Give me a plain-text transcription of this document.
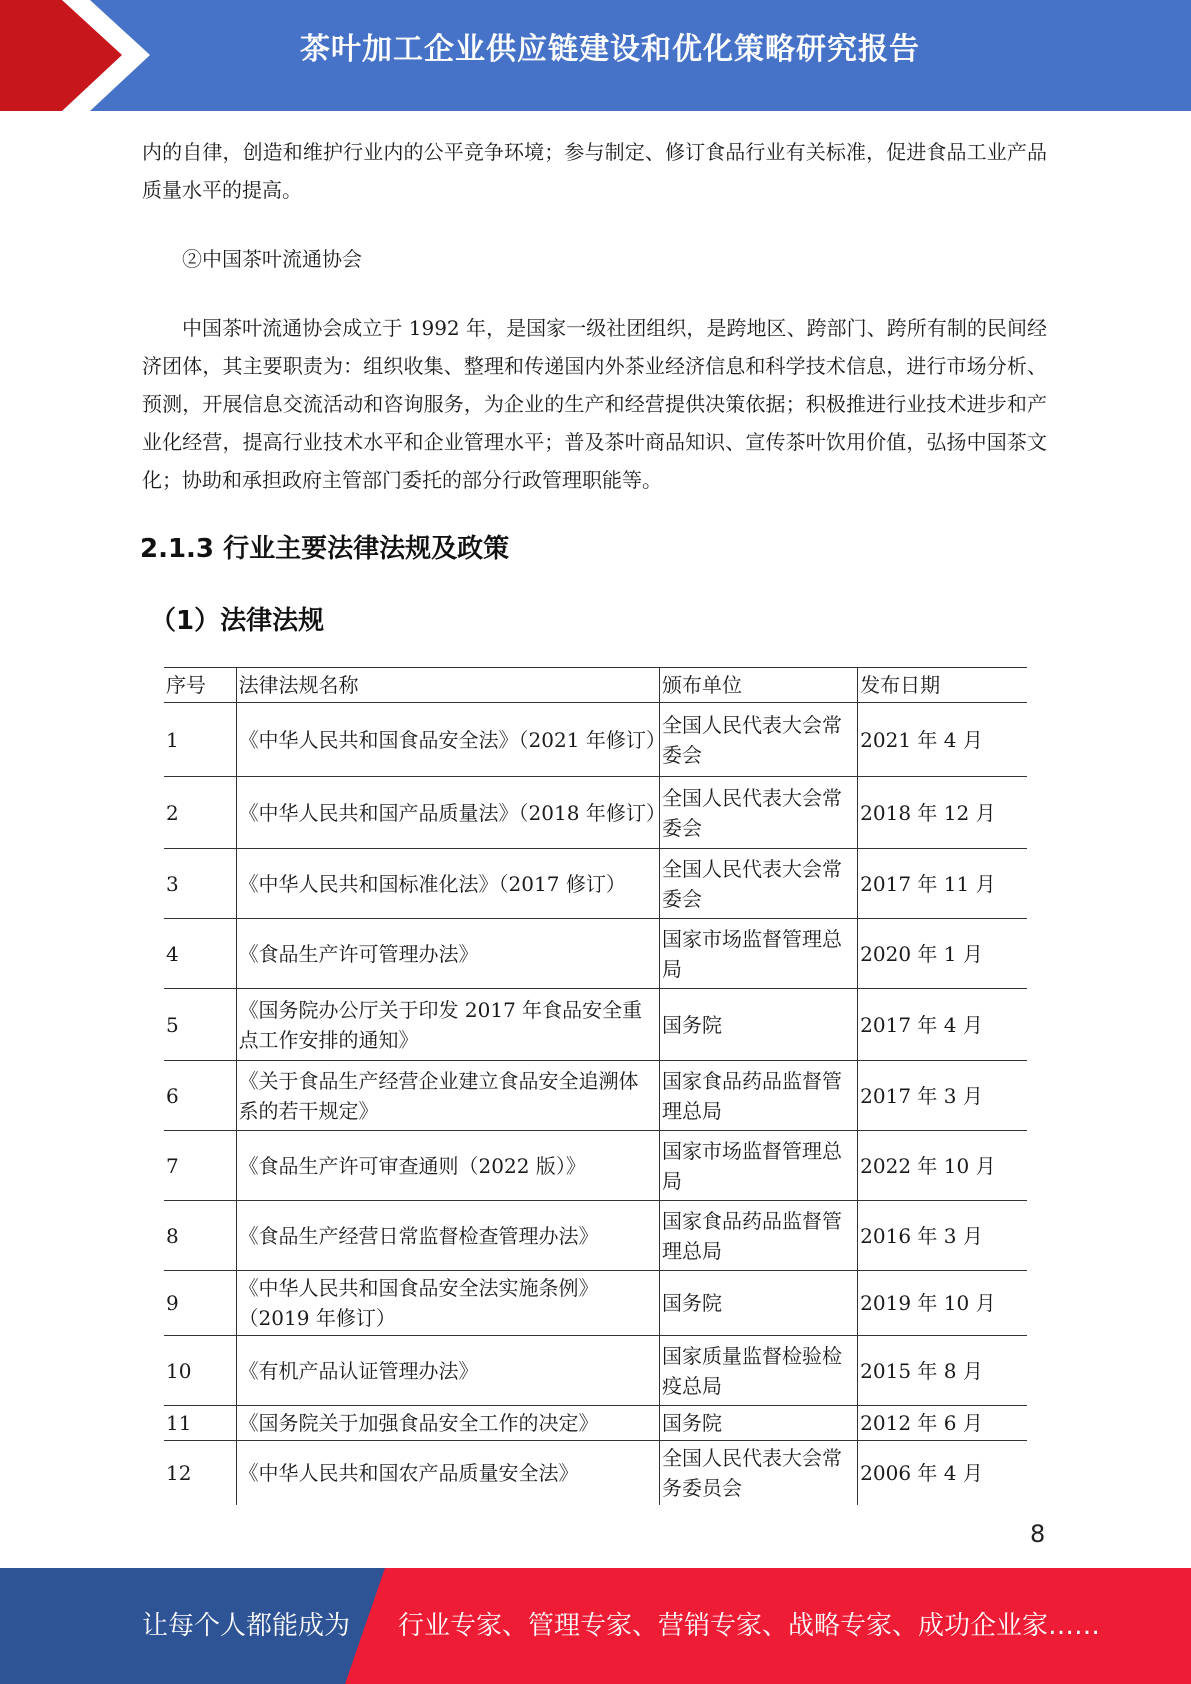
茶叶加工企业供应链建设和优化策略研究报告

内的自律，创造和维护行业内的公平竞争环境；参与制定、修订食品行业有关标准，促进食品工业产品质量水平的提高。

②中国茶叶流通协会

中国茶叶流通协会成立于 1992 年，是国家一级社团组织，是跨地区、跨部门、跨所有制的民间经济团体，其主要职责为：组织收集、整理和传递国内外茶业经济信息和科学技术信息，进行市场分析、预测，开展信息交流活动和咨询服务，为企业的生产和经营提供决策依据；积极推进行业技术进步和产业化经营，提高行业技术水平和企业管理水平；普及茶叶商品知识、宣传茶叶饮用价值，弘扬中国茶文化；协助和承担政府主管部门委托的部分行政管理职能等。

2.1.3 行业主要法律法规及政策
（1）法律法规
序号	法律法规名称	颁布单位	发布日期
1	《中华人民共和国食品安全法》（2021 年修订）	全国人民代表大会常委会	2021 年 4 月
2	《中华人民共和国产品质量法》（2018 年修订）	全国人民代表大会常委会	2018 年 12 月
3	《中华人民共和国标准化法》（2017 修订）	全国人民代表大会常委会	2017 年 11 月
4	《食品生产许可管理办法》	国家市场监督管理总局	2020 年 1 月
5	《国务院办公厅关于印发 2017 年食品安全重点工作安排的通知》	国务院	2017 年 4 月
6	《关于食品生产经营企业建立食品安全追溯体系的若干规定》	国家食品药品监督管理总局	2017 年 3 月
7	《食品生产许可审查通则（2022 版）》	国家市场监督管理总局	2022 年 10 月
8	《食品生产经营日常监督检查管理办法》	国家食品药品监督管理总局	2016 年 3 月
9	《中华人民共和国食品安全法实施条例》（2019 年修订）	国务院	2019 年 10 月
10	《有机产品认证管理办法》	国家质量监督检验检疫总局	2015 年 8 月
11	《国务院关于加强食品安全工作的决定》	国务院	2012 年 6 月
12	《中华人民共和国农产品质量安全法》	全国人民代表大会常务委员会	2006 年 4 月
8
让每个人都能成为 行业专家、管理专家、营销专家、战略专家、成功企业家……
